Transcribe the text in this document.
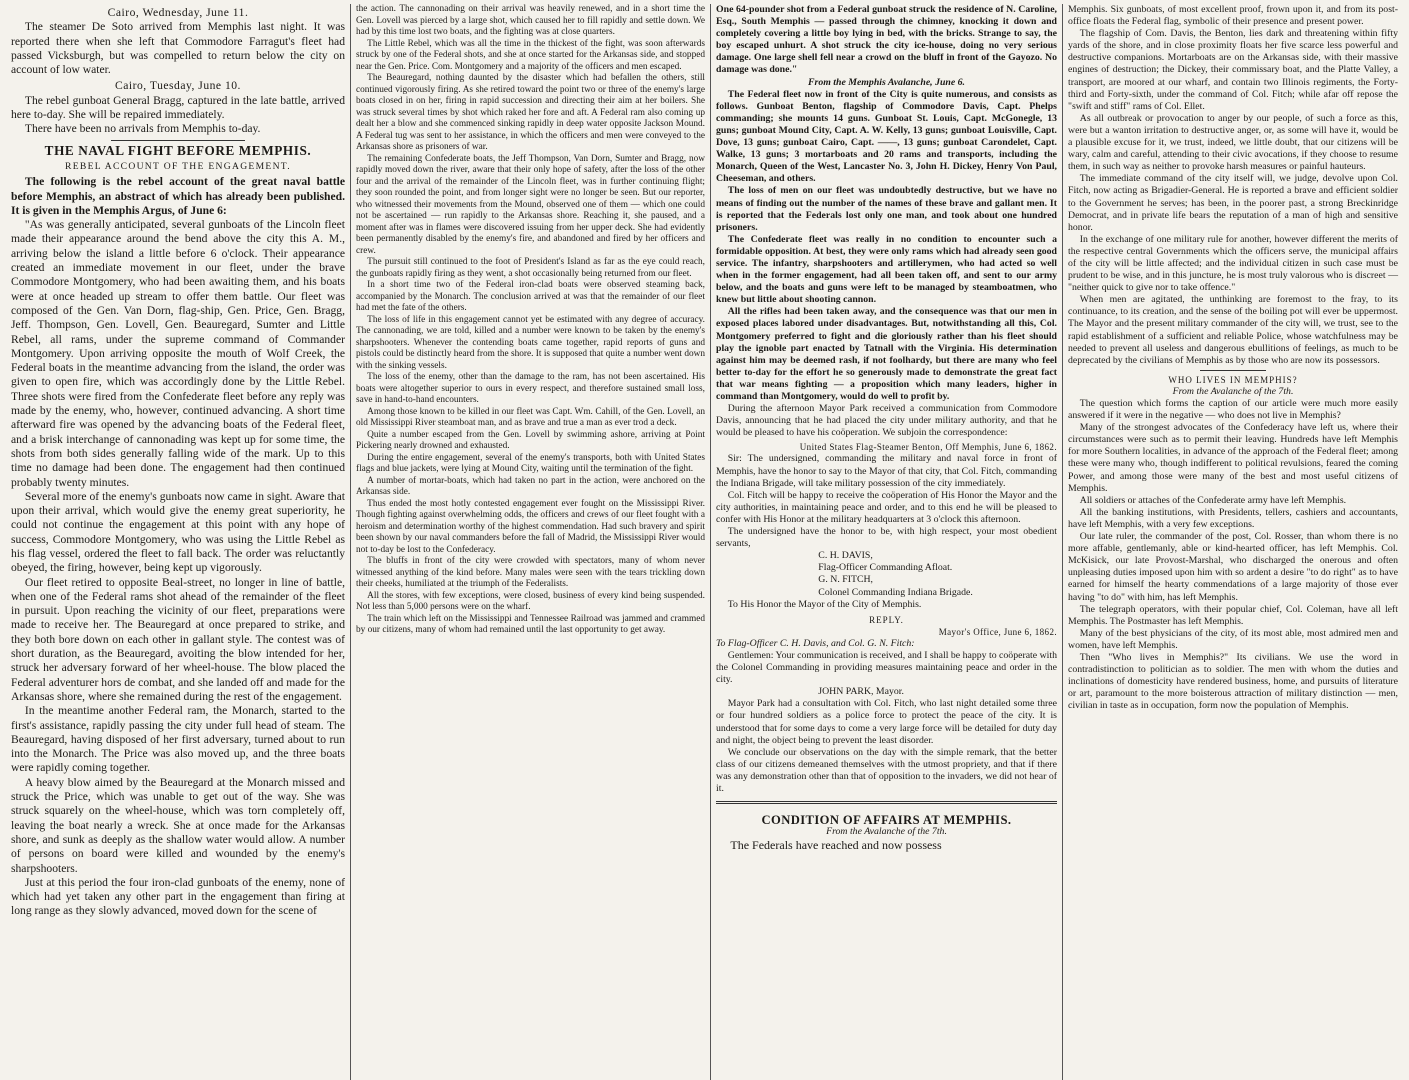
Cairo, Wednesday, June 11.

The steamer De Soto arrived from Memphis last night. It was reported there when she left that Commodore Farragut's fleet had passed Vicksburgh, but was compelled to return below the city on account of low water.

Cairo, Tuesday, June 10.

The rebel gunboat General Bragg, captured in the late battle, arrived here to-day. She will be repaired immediately.

There have been no arrivals from Memphis to-day.

THE NAVAL FIGHT BEFORE MEMPHIS.

REBEL ACCOUNT OF THE ENGAGEMENT.

The following is the rebel account of the great naval battle before Memphis, an abstract of which has already been published. It is given in the Memphis Argus, of June 6:

"As was generally anticipated, several gunboats of the Lincoln fleet made their appearance around the bend above the city this A. M., arriving below the island a little before 6 o'clock. Their appearance created an immediate movement in our fleet, under the brave Commodore Montgomery, who had been awaiting them, and his boats were at once headed up stream to offer them battle. Our fleet was composed of the Gen. Van Dorn, flag-ship, Gen. Price, Gen. Bragg, Jeff. Thompson, Gen. Lovell, Gen. Beauregard, Sumter and Little Rebel, all rams, under the supreme command of Commander Montgomery. Upon arriving opposite the mouth of Wolf Creek, the Federal boats in the meantime advancing from the island, the order was given to open fire, which was accordingly done by the Little Rebel. Three shots were fired from the Confederate fleet before any reply was made by the enemy, who, however, continued advancing. A short time afterward fire was opened by the advancing boats of the Federal fleet, and a brisk interchange of cannonading was kept up for some time, the shots from both sides generally falling wide of the mark. Up to this time no damage had been done. The engagement had then continued probably twenty minutes.

Several more of the enemy's gunboats now came in sight. Aware that upon their arrival, which would give the enemy great superiority, he could not continue the engagement at this point with any hope of success, Commodore Montgomery, who was using the Little Rebel as his flag vessel, ordered the fleet to fall back. The order was reluctantly obeyed, the firing, however, being kept up vigorously.

Our fleet retired to opposite Beal-street, no longer in line of battle, when one of the Federal rams shot ahead of the remainder of the fleet in pursuit. Upon reaching the vicinity of our fleet, preparations were made to receive her. The Beauregard at once prepared to strike, and they both bore down on each other in gallant style. The contest was of short duration, as the Beauregard, avoiting the blow intended for her, struck her adversary forward of her wheel-house. The blow placed the Federal adventurer hors de combat, and she landed off and made for the Arkansas shore, where she remained during the rest of the engagement.

In the meantime another Federal ram, the Monarch, started to the first's assistance, rapidly passing the city under full head of steam. The Beauregard, having disposed of her first adversary, turned about to run into the Monarch. The Price was also moved up, and the three boats were rapidly coming together.

A heavy blow aimed by the Beauregard at the Monarch missed and struck the Price, which was unable to get out of the way. She was struck squarely on the wheel-house, which was torn completely off, leaving the boat nearly a wreck. She at once made for the Arkansas shore, and sunk as deeply as the shallow water would allow. A number of persons on board were killed and wounded by the enemy's sharpshooters.

Just at this period the four iron-clad gunboats of the enemy, none of which had yet taken any other part in the engagement than firing at long range as they slowly advanced, moved down for the scene of

the action. The cannonading on their arrival was heavily renewed, and in a short time the Gen. Lovell was pierced by a large shot, which caused her to fill rapidly and settle down. We had by this time lost two boats, and the fighting was at close quarters.

The Little Rebel, which was all the time in the thickest of the fight, was soon afterwards struck by one of the Federal shots, and she at once started for the Arkansas side, and stopped near the Gen. Price. Com. Montgomery and a majority of the officers and men escaped.

The Beauregard, nothing daunted by the disaster which had befallen the others, still continued vigorously firing. As she retired toward the point two or three of the enemy's large boats closed in on her, firing in rapid succession and directing their aim at her boilers. She was struck several times by shot which raked her fore and aft. A Federal ram also coming up dealt her a blow and she commenced sinking rapidly in deep water opposite Jackson Mound. A Federal tug was sent to her assistance, in which the officers and men were conveyed to the Arkansas shore as prisoners of war.

The remaining Confederate boats, the Jeff Thompson, Van Dorn, Sumter and Bragg, now rapidly moved down the river, aware that their only hope of safety, after the loss of the other four and the arrival of the remainder of the Lincoln fleet, was in further continuing flight; they soon rounded the point, and from longer sight were no longer be seen. But our reporter, who witnessed their movements from the Mound, observed one of them — which one could not be ascertained — run rapidly to the Arkansas shore. Reaching it, she paused, and a moment after was in flames were discovered issuing from her upper deck. She had evidently been permanently disabled by the enemy's fire, and abandoned and fired by her officers and crew.

The pursuit still continued to the foot of President's Island as far as the eye could reach, the gunboats rapidly firing as they went, a shot occasionally being returned from our fleet.

In a short time two of the Federal iron-clad boats were observed steaming back, accompanied by the Monarch. The conclusion arrived at was that the remainder of our fleet had met the fate of the others.

The loss of life in this engagement cannot yet be estimated with any degree of accuracy. The cannonading, we are told, killed and a number were known to be taken by the enemy's sharpshooters. Whenever the contending boats came together, rapid reports of guns and pistols could be distinctly heard from the shore. It is supposed that quite a number went down with the sinking vessels.

The loss of the enemy, other than the damage to the ram, has not been ascertained. His boats were altogether superior to ours in every respect, and therefore sustained small loss, save in hand-to-hand encounters.

Among those known to be killed in our fleet was Capt. Wm. Cahill, of the Gen. Lovell, an old Mississippi River steamboat man, and as brave and true a man as ever trod a deck.

Quite a number escaped from the Gen. Lovell by swimming ashore, arriving at Point Pickering nearly drowned and exhausted.

During the entire engagement, several of the enemy's transports, both with United States flags and blue jackets, were lying at Mound City, waiting until the termination of the fight.

A number of mortar-boats, which had taken no part in the action, were anchored on the Arkansas side.

Thus ended the most hotly contested engagement ever fought on the Mississippi River. Though fighting against overwhelming odds, the officers and crews of our fleet fought with a heroism and determination worthy of the highest commendation. Had such bravery and spirit been shown by our naval commanders before the fall of Madrid, the Mississippi River would not to-day be lost to the Confederacy.

The bluffs in front of the city were crowded with spectators, many of whom never witnessed anything of the kind before. Many males were seen with the tears trickling down their cheeks, humiliated at the triumph of the Federalists.

All the stores, with few exceptions, were closed, business of every kind being suspended. Not less than 5,000 persons were on the wharf.

The train which left on the Mississippi and Tennessee Railroad was jammed and crammed by our citizens, many of whom had remained until the last opportunity to get away.

One 64-pounder shot from a Federal gunboat struck the residence of N. Caroline, Esq., South Memphis — passed through the chimney, knocking it down and completely covering a little boy lying in bed, with the bricks. Strange to say, the boy escaped unhurt. A shot struck the city ice-house, doing no very serious damage. One large shell fell near a crowd on the bluff in front of the Gayozo. No damage was done."

From the Memphis Avalanche, June 6.

The Federal fleet now in front of the City is quite numerous, and consists as follows. Gunboat Benton, flagship of Commodore Davis, Capt. Phelps commanding; she mounts 14 guns. Gunboat St. Louis, Capt. McGonegle, 13 guns; gunboat Mound City, Capt. A. W. Kelly, 13 guns; gunboat Louisville, Capt. Dove, 13 guns; gunboat Cairo, Capt. ——, 13 guns; gunboat Carondelet, Capt. Walke, 13 guns; 3 mortarboats and 20 rams and transports, including the Monarch, Queen of the West, Lancaster No. 3, John H. Dickey, Henry Von Paul, Cheeseman, and others.

The loss of men on our fleet was undoubtedly destructive, but we have no means of finding out the number of the names of these brave and gallant men. It is reported that the Federals lost only one man, and took about one hundred prisoners.

The Confederate fleet was really in no condition to encounter such a formidable opposition. At best, they were only rams which had already seen good service. The infantry, sharpshooters and artillerymen, who had acted so well when in the former engagement, had all been taken off, and sent to our army below, and the boats and guns were left to be managed by steamboatmen, who knew but little about shooting cannon.

All the rifles had been taken away, and the consequence was that our men in exposed places labored under disadvantages. But, notwithstanding all this, Col. Montgomery preferred to fight and die gloriously rather than his fleet should play the ignoble part enacted by Tatnall with the Virginia. His determination against him may be deemed rash, if not foolhardy, but there are many who feel better to-day for the effort he so generously made to demonstrate the great fact that war means fighting — a proposition which many leaders, higher in command than Montgomery, would do well to profit by.

During the afternoon Mayor Park received a communication from Commodore Davis, announcing that he had placed the city under military authority, and that he would be pleased to have his coöperation. We subjoin the correspondence:

United States Flag-Steamer Benton, Off Memphis, June 6, 1862.

Sir: The undersigned, commanding the military and naval force in front of Memphis, have the honor to say to the Mayor of that city, that Col. Fitch, commanding the Indiana Brigade, will take military possession of the city immediately.

Col. Fitch will be happy to receive the coöperation of His Honor the Mayor and the city authorities, in maintaining peace and order, and to this end he will be pleased to confer with His Honor at the military headquarters at 3 o'clock this afternoon.

The undersigned have the honor to be, with high respect, your most obedient servants,

C. H. DAVIS,

Flag-Officer Commanding Afloat.

G. N. FITCH,

Colonel Commanding Indiana Brigade.

To His Honor the Mayor of the City of Memphis.

REPLY.

Mayor's Office, June 6, 1862.

To Flag-Officer C. H. Davis, and Col. G. N. Fitch:

Gentlemen: Your communication is received, and I shall be happy to coöperate with the Colonel Commanding in providing measures maintaining peace and order in the city.

JOHN PARK, Mayor.

Mayor Park had a consultation with Col. Fitch, who last night detailed some three or four hundred soldiers as a police force to protect the peace of the city. It is understood that for some days to come a very large force will be detailed for duty day and night, the object being to prevent the least disorder.

We conclude our observations on the day with the simple remark, that the better class of our citizens demeaned themselves with the utmost propriety, and that if there was any demonstration other than that of opposition to the invaders, we did not hear of it.

CONDITION OF AFFAIRS AT MEMPHIS.

From the Avalanche of the 7th.

The Federals have reached and now possess

Memphis. Six gunboats, of most excellent proof, frown upon it, and from its post-office floats the Federal flag, symbolic of their presence and present power.

The flagship of Com. Davis, the Benton, lies dark and threatening within fifty yards of the shore, and in close proximity floats her five scarce less powerful and destructive companions. Mortarboats are on the Arkansas side, with their massive engines of destruction; the Dickey, their commissary boat, and the Platte Valley, a transport, are moored at our wharf, and contain two Illinois regiments, the Forty-third and Forty-sixth, under the command of Col. Fitch; while afar off repose the "swift and stiff" rams of Col. Ellet.

As all outbreak or provocation to anger by our people, of such a force as this, were but a wanton irritation to destructive anger, or, as some will have it, would be a plausible excuse for it, we trust, indeed, we little doubt, that our citizens will be wary, calm and careful, attending to their civic avocations, if they choose to resume them, in such way as neither to provoke harsh measures or painful hauteurs.

The immediate command of the city itself will, we judge, devolve upon Col. Fitch, now acting as Brigadier-General. He is reported a brave and efficient soldier to the Government he serves; has been, in the poorer past, a strong Breckinridge Democrat, and in private life bears the reputation of a man of high and sensitive honor.

In the exchange of one military rule for another, however different the merits of the respective central Governments which the officers serve, the municipal affairs of the city will be little affected; and the individual citizen in such case must be prudent to be wise, and in this juncture, he is most truly valorous who is discreet — "neither quick to give nor to take offence."

When men are agitated, the unthinking are foremost to the fray, to its continuance, to its creation, and the sense of the boiling pot will ever be uppermost. The Mayor and the present military commander of the city will, we trust, see to the rapid establishment of a sufficient and reliable Police, whose watchfulness may be needed to prevent all useless and dangerous ebullitions of feelings, as much to be deprecated by the civilians of Memphis as by those who are now its possessors.

WHO LIVES IN MEMPHIS?

From the Avalanche of the 7th.

The question which forms the caption of our article were much more easily answered if it were in the negative — who does not live in Memphis?

Many of the strongest advocates of the Confederacy have left us, where their circumstances were such as to permit their leaving. Hundreds have left Memphis for more Southern localities, in advance of the approach of the Federal fleet; among these were many who, though indifferent to political revulsions, feared the coming Power, and among those were many of the best and most useful citizens of Memphis.

All soldiers or attaches of the Confederate army have left Memphis.

All the banking institutions, with Presidents, tellers, cashiers and accountants, have left Memphis, with a very few exceptions.

Our late ruler, the commander of the post, Col. Rosser, than whom there is no more affable, gentlemanly, able or kind-hearted officer, has left Memphis. Col. McKisick, our late Provost-Marshal, who discharged the onerous and often unpleasing duties imposed upon him with so ardent a desire "to do right" as to have earned for himself the hearty commendations of a large majority of those ever having "to do" with him, has left Memphis.

The telegraph operators, with their popular chief, Col. Coleman, have all left Memphis. The Postmaster has left Memphis.

Many of the best physicians of the city, of its most able, most admired men and women, have left Memphis.

Then "Who lives in Memphis?" Its civilians. We use the word in contradistinction to politician as to soldier. The men with whom the duties and inclinations of domesticity have rendered business, home, and pursuits of literature or art, paramount to the more boisterous attraction of military distinction — men, civilian in taste as in occupation, form now the population of Memphis.
